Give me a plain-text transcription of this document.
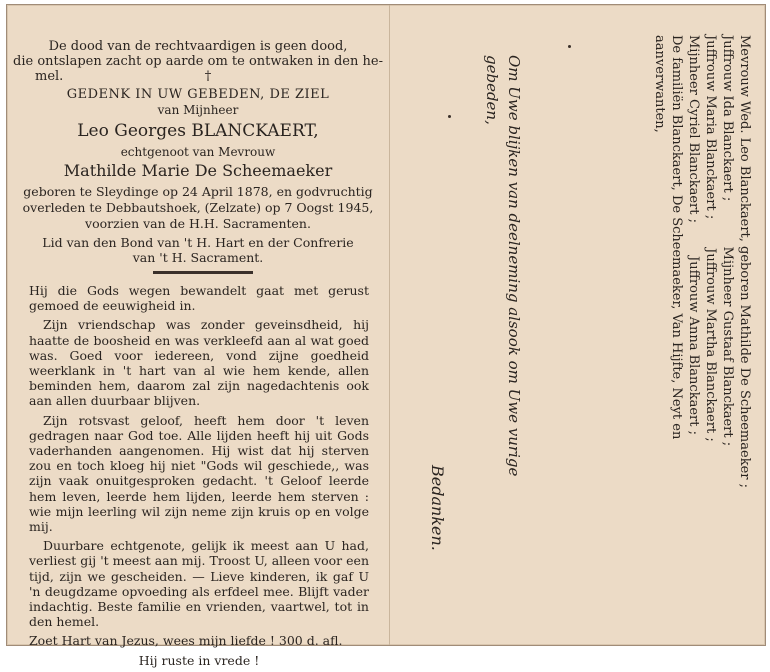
De dood van de rechtvaardigen is geen dood,
die ontslapen zacht op aarde om te ontwaken in den he-
mel.	†
GEDENK IN UW GEBEDEN, DE ZIEL
van Mijnheer
Leo Georges BLANCKAERT,
echtgenoot van Mevrouw
Mathilde Marie De Scheemaeker
geboren te Sleydinge op 24 April 1878, en godvruchtig
overleden te Debbautshoek, (Zelzate) op 7 Oogst 1945,
voorzien van de H.H. Sacramenten.
Lid van den Bond van 't H. Hart en der Confrerie
van 't H. Sacrament.

Hij die Gods wegen bewandelt gaat met gerust gemoed de eeuwigheid in.

Zijn vriendschap was zonder geveinsdheid, hij haatte de boosheid en was verkleefd aan al wat goed was. Goed voor iedereen, vond zijne goedheid weerklank in 't hart van al wie hem kende, allen beminden hem, daarom zal zijn nagedachtenis ook aan allen duurbaar blijven.

Zijn rotsvast geloof, heeft hem door 't leven gedragen naar God toe. Alle lijden heeft hij uit Gods vaderhanden aangenomen. Hij wist dat hij sterven zou en toch kloeg hij niet "Gods wil geschiede,, was zijn vaak onuitgesproken gedacht. 't Geloof leerde hem leven, leerde hem lijden, leerde hem sterven : wie mijn leerling wil zijn neme zijn kruis op en volge mij.

Duurbare echtgenote, gelijk ik meest aan U had, verliest gij 't meest aan mij. Troost U, alleen voor een tijd, zijn we gescheiden. — Lieve kinderen, ik gaf U 'n deugdzame opvoeding als erfdeel mee. Blijft vader indachtig. Beste familie en vrienden, vaartwel, tot in den hemel.

Zoet Hart van Jezus, wees mijn liefde ! 300 d. afl.

Hij ruste in vrede !

Mevrouw Wed. Leo Blanckaert, geboren Mathilde De Scheemaeker ;
Juffrouw Ida Blanckaert ;           Mijnheer Gustaaf Blanckaert ;
Juffrouw Maria Blanckaert ;       Juffrouw Martha Blanckaert ;
Mijnheer Cyriel Blanckaert ;        Juffrouw Anna Blanckaert ;
De familiën Blanckaert, De Scheemaeker, Van Hijfte, Neyt en
aanverwanten,
Om Uwe blijken van deelneming alsook om Uwe vurige
gebeden,
Bedanken.
